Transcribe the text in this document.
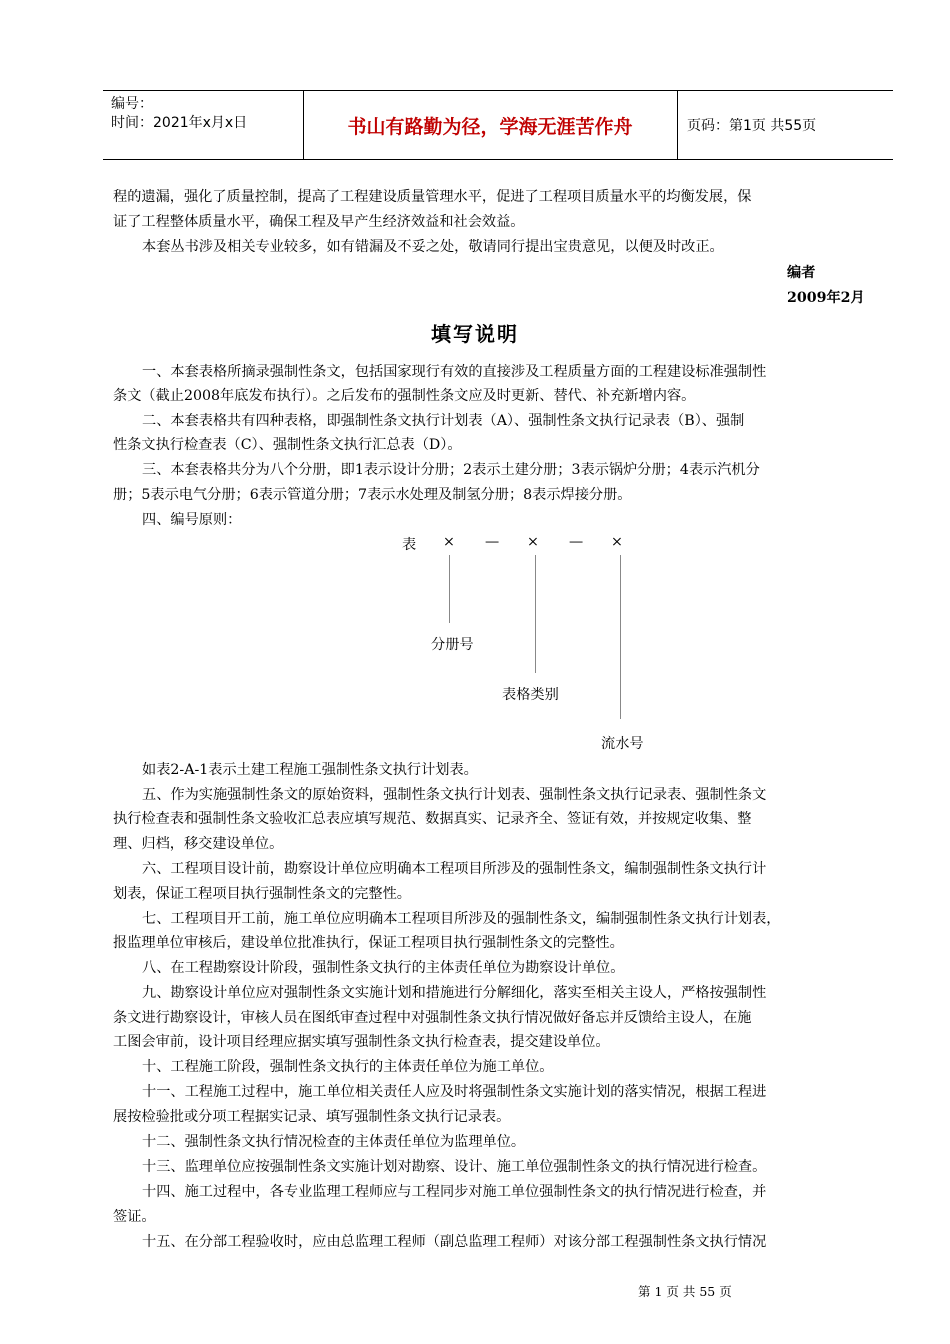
编号：
时间：2021年x月x日	书山有路勤为径，学海无涯苦作舟	页码：第1页 共55页
程的遗漏，强化了质量控制，提高了工程建设质量管理水平，促进了工程项目质量水平的均衡发展，保
证了工程整体质量水平，确保工程及早产生经济效益和社会效益。
本套丛书涉及相关专业较多，如有错漏及不妥之处，敬请同行提出宝贵意见，以便及时改正。
编者
2009年2月
填写说明
一、本套表格所摘录强制性条文，包括国家现行有效的直接涉及工程质量方面的工程建设标准强制性
条文（截止2008年底发布执行）。之后发布的强制性条文应及时更新、替代、补充新增内容。
二、本套表格共有四种表格，即强制性条文执行计划表（A）、强制性条文执行记录表（B）、强制
性条文执行检查表（C）、强制性条文执行汇总表（D）。
三、本套表格共分为八个分册，即1表示设计分册；2表示土建分册；3表示锅炉分册；4表示汽机分
册；5表示电气分册；6表示管道分册；7表示水处理及制氢分册；8表示焊接分册。
四、编号原则：
表 × — × — ×
分册号
表格类别
流水号
如表2-A-1表示土建工程施工强制性条文执行计划表。
五、作为实施强制性条文的原始资料，强制性条文执行计划表、强制性条文执行记录表、强制性条文
执行检查表和强制性条文验收汇总表应填写规范、数据真实、记录齐全、签证有效，并按规定收集、整
理、归档，移交建设单位。
六、工程项目设计前，勘察设计单位应明确本工程项目所涉及的强制性条文，编制强制性条文执行计
划表，保证工程项目执行强制性条文的完整性。
七、工程项目开工前，施工单位应明确本工程项目所涉及的强制性条文，编制强制性条文执行计划表，
报监理单位审核后，建设单位批准执行，保证工程项目执行强制性条文的完整性。
八、在工程勘察设计阶段，强制性条文执行的主体责任单位为勘察设计单位。
九、勘察设计单位应对强制性条文实施计划和措施进行分解细化，落实至相关主设人，严格按强制性
条文进行勘察设计，审核人员在图纸审查过程中对强制性条文执行情况做好备忘并反馈给主设人，在施
工图会审前，设计项目经理应据实填写强制性条文执行检查表，提交建设单位。
十、工程施工阶段，强制性条文执行的主体责任单位为施工单位。
十一、工程施工过程中，施工单位相关责任人应及时将强制性条文实施计划的落实情况，根据工程进
展按检验批或分项工程据实记录、填写强制性条文执行记录表。
十二、强制性条文执行情况检查的主体责任单位为监理单位。
十三、监理单位应按强制性条文实施计划对勘察、设计、施工单位强制性条文的执行情况进行检查。
十四、施工过程中，各专业监理工程师应与工程同步对施工单位强制性条文的执行情况进行检查，并
签证。
十五、在分部工程验收时，应由总监理工程师（副总监理工程师）对该分部工程强制性条文执行情况
第 1 页 共 55 页
